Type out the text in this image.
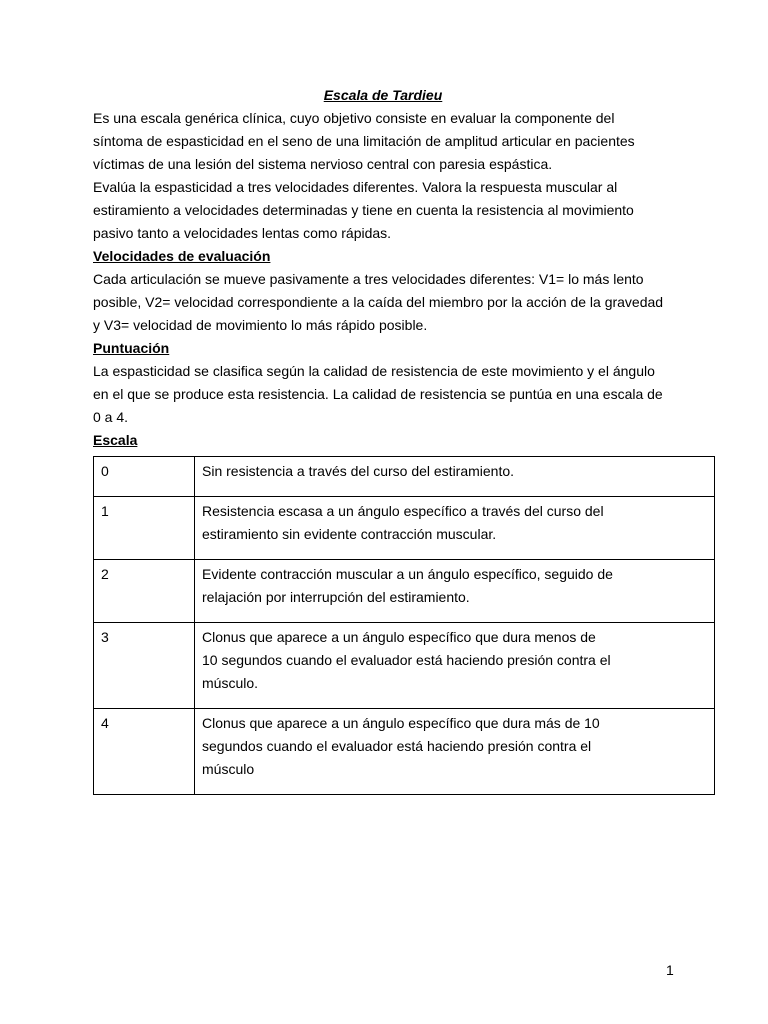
Escala de Tardieu

Es una escala genérica clínica, cuyo objetivo consiste en evaluar la componente del síntoma de espasticidad en el seno de una limitación de amplitud articular en pacientes víctimas de una lesión del sistema nervioso central con paresia espástica.

Evalúa la espasticidad a tres velocidades diferentes. Valora la respuesta muscular al estiramiento a velocidades determinadas y tiene en cuenta la resistencia al movimiento pasivo tanto a velocidades lentas como rápidas.

Velocidades de evaluación

Cada articulación se mueve pasivamente a tres velocidades diferentes: V1= lo más lento posible, V2= velocidad correspondiente a la caída del miembro por la acción de la gravedad y V3= velocidad de movimiento lo más rápido posible.

Puntuación

La espasticidad se clasifica según la calidad de resistencia de este movimiento y el ángulo en el que se produce esta resistencia. La calidad de resistencia se puntúa en una escala de 0 a 4.

Escala

0	Sin resistencia a través del curso del estiramiento.
1	Resistencia escasa a un ángulo específico a través del curso del estiramiento sin evidente contracción muscular.
2	Evidente contracción muscular a un ángulo específico, seguido de relajación por interrupción del estiramiento.
3	Clonus que aparece a un ángulo específico que dura menos de 10 segundos cuando el evaluador está haciendo presión contra el músculo.
4	Clonus que aparece a un ángulo específico que dura más de 10 segundos cuando el evaluador está haciendo presión contra el músculo
1
